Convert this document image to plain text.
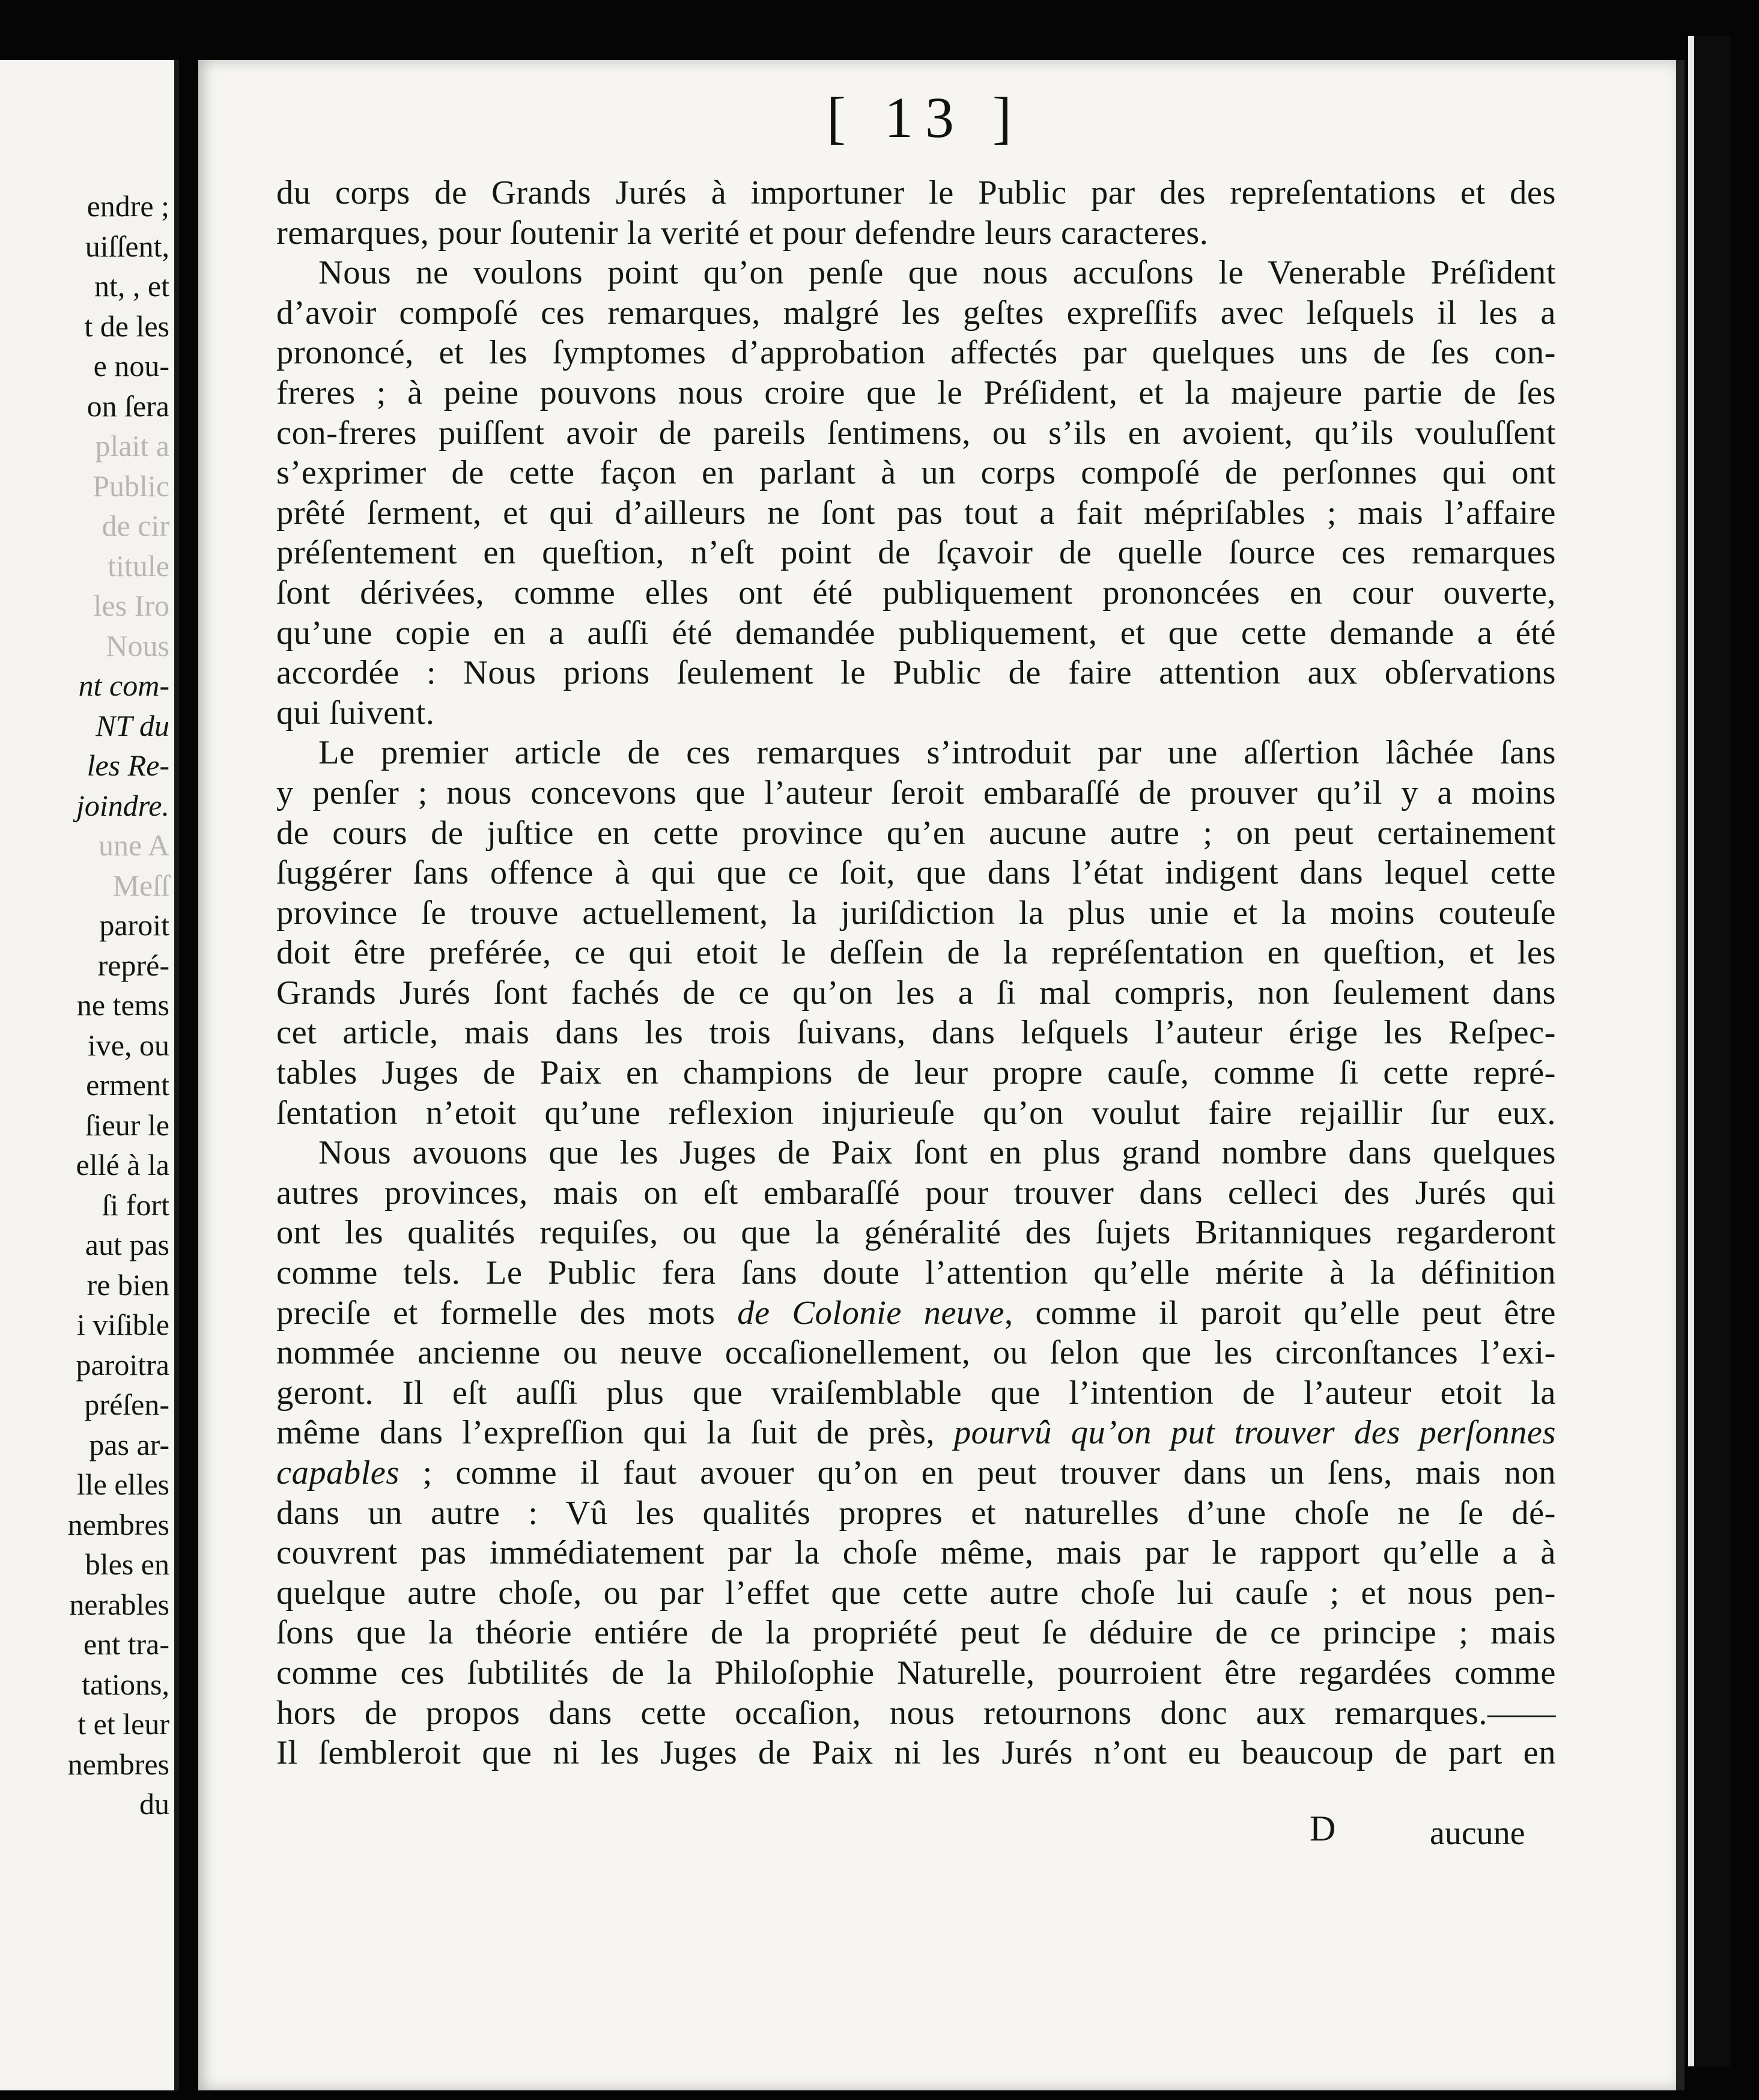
endre ;
uiſſent,
nt, , et
t de les
e nou-
on ſera
plait a
Public
de cir
titule
les Iro
Nous
nt com-
NT du
les Re-
joindre.
une A
Meſſ
paroit
repré-
ne tems
ive, ou
erment
ſieur le
ellé à la
ſi fort
aut pas
re bien
i viſible
paroitra
préſen-
pas ar-
lle elles
nembres
bles en
nerables
ent tra-
tations,
t et leur
nembres
du
[ 13 ]
du corps de Grands Jurés à importuner le Public par des repreſentations et des
remarques, pour ſoutenir la verité et pour defendre leurs caracteres.
Nous ne voulons point qu’on penſe que nous accuſons le Venerable Préſident
d’avoir compoſé ces remarques, malgré les geſtes expreſſifs avec leſquels il les a
prononcé, et les ſymptomes d’approbation affectés par quelques uns de ſes con-
freres ; à peine pouvons nous croire que le Préſident, et la majeure partie de ſes
con-freres puiſſent avoir de pareils ſentimens, ou s’ils en avoient, qu’ils vouluſſent
s’exprimer de cette façon en parlant à un corps compoſé de perſonnes qui ont
prêté ſerment, et qui d’ailleurs ne ſont pas tout a fait mépriſables ; mais l’affaire
préſentement en queſtion, n’eſt point de ſçavoir de quelle ſource ces remarques
ſont dérivées, comme elles ont été publiquement prononcées en cour ouverte,
qu’une copie en a auſſi été demandée publiquement, et que cette demande a été
accordée : Nous prions ſeulement le Public de faire attention aux obſervations
qui ſuivent.
Le premier article de ces remarques s’introduit par une aſſertion lâchée ſans
y penſer ; nous concevons que l’auteur ſeroit embaraſſé de prouver qu’il y a moins
de cours de juſtice en cette province qu’en aucune autre ; on peut certainement
ſuggérer ſans offence à qui que ce ſoit, que dans l’état indigent dans lequel cette
province ſe trouve actuellement, la juriſdiction la plus unie et la moins couteuſe
doit être preférée, ce qui etoit le deſſein de la repréſentation en queſtion, et les
Grands Jurés ſont fachés de ce qu’on les a ſi mal compris, non ſeulement dans
cet article, mais dans les trois ſuivans, dans leſquels l’auteur érige les Reſpec-
tables Juges de Paix en champions de leur propre cauſe, comme ſi cette repré-
ſentation n’etoit qu’une reflexion injurieuſe qu’on voulut faire rejaillir ſur eux.
Nous avouons que les Juges de Paix ſont en plus grand nombre dans quelques
autres provinces, mais on eſt embaraſſé pour trouver dans celleci des Jurés qui
ont les qualités requiſes, ou que la généralité des ſujets Britanniques regarderont
comme tels. Le Public fera ſans doute l’attention qu’elle mérite à la définition
preciſe et formelle des mots de Colonie neuve, comme il paroit qu’elle peut être
nommée ancienne ou neuve occaſionellement, ou ſelon que les circonſtances l’exi-
geront. Il eſt auſſi plus que vraiſemblable que l’intention de l’auteur etoit la
même dans l’expreſſion qui la ſuit de près, pourvû qu’on put trouver des perſonnes
capables ; comme il faut avouer qu’on en peut trouver dans un ſens, mais non
dans un autre : Vû les qualités propres et naturelles d’une choſe ne ſe dé-
couvrent pas immédiatement par la choſe même, mais par le rapport qu’elle a à
quelque autre choſe, ou par l’effet que cette autre choſe lui cauſe ; et nous pen-
ſons que la théorie entiére de la propriété peut ſe déduire de ce principe ; mais
comme ces ſubtilités de la Philoſophie Naturelle, pourroient être regardées comme
hors de propos dans cette occaſion, nous retournons donc aux remarques.——
Il ſembleroit que ni les Juges de Paix ni les Jurés n’ont eu beaucoup de part en
D	aucune
